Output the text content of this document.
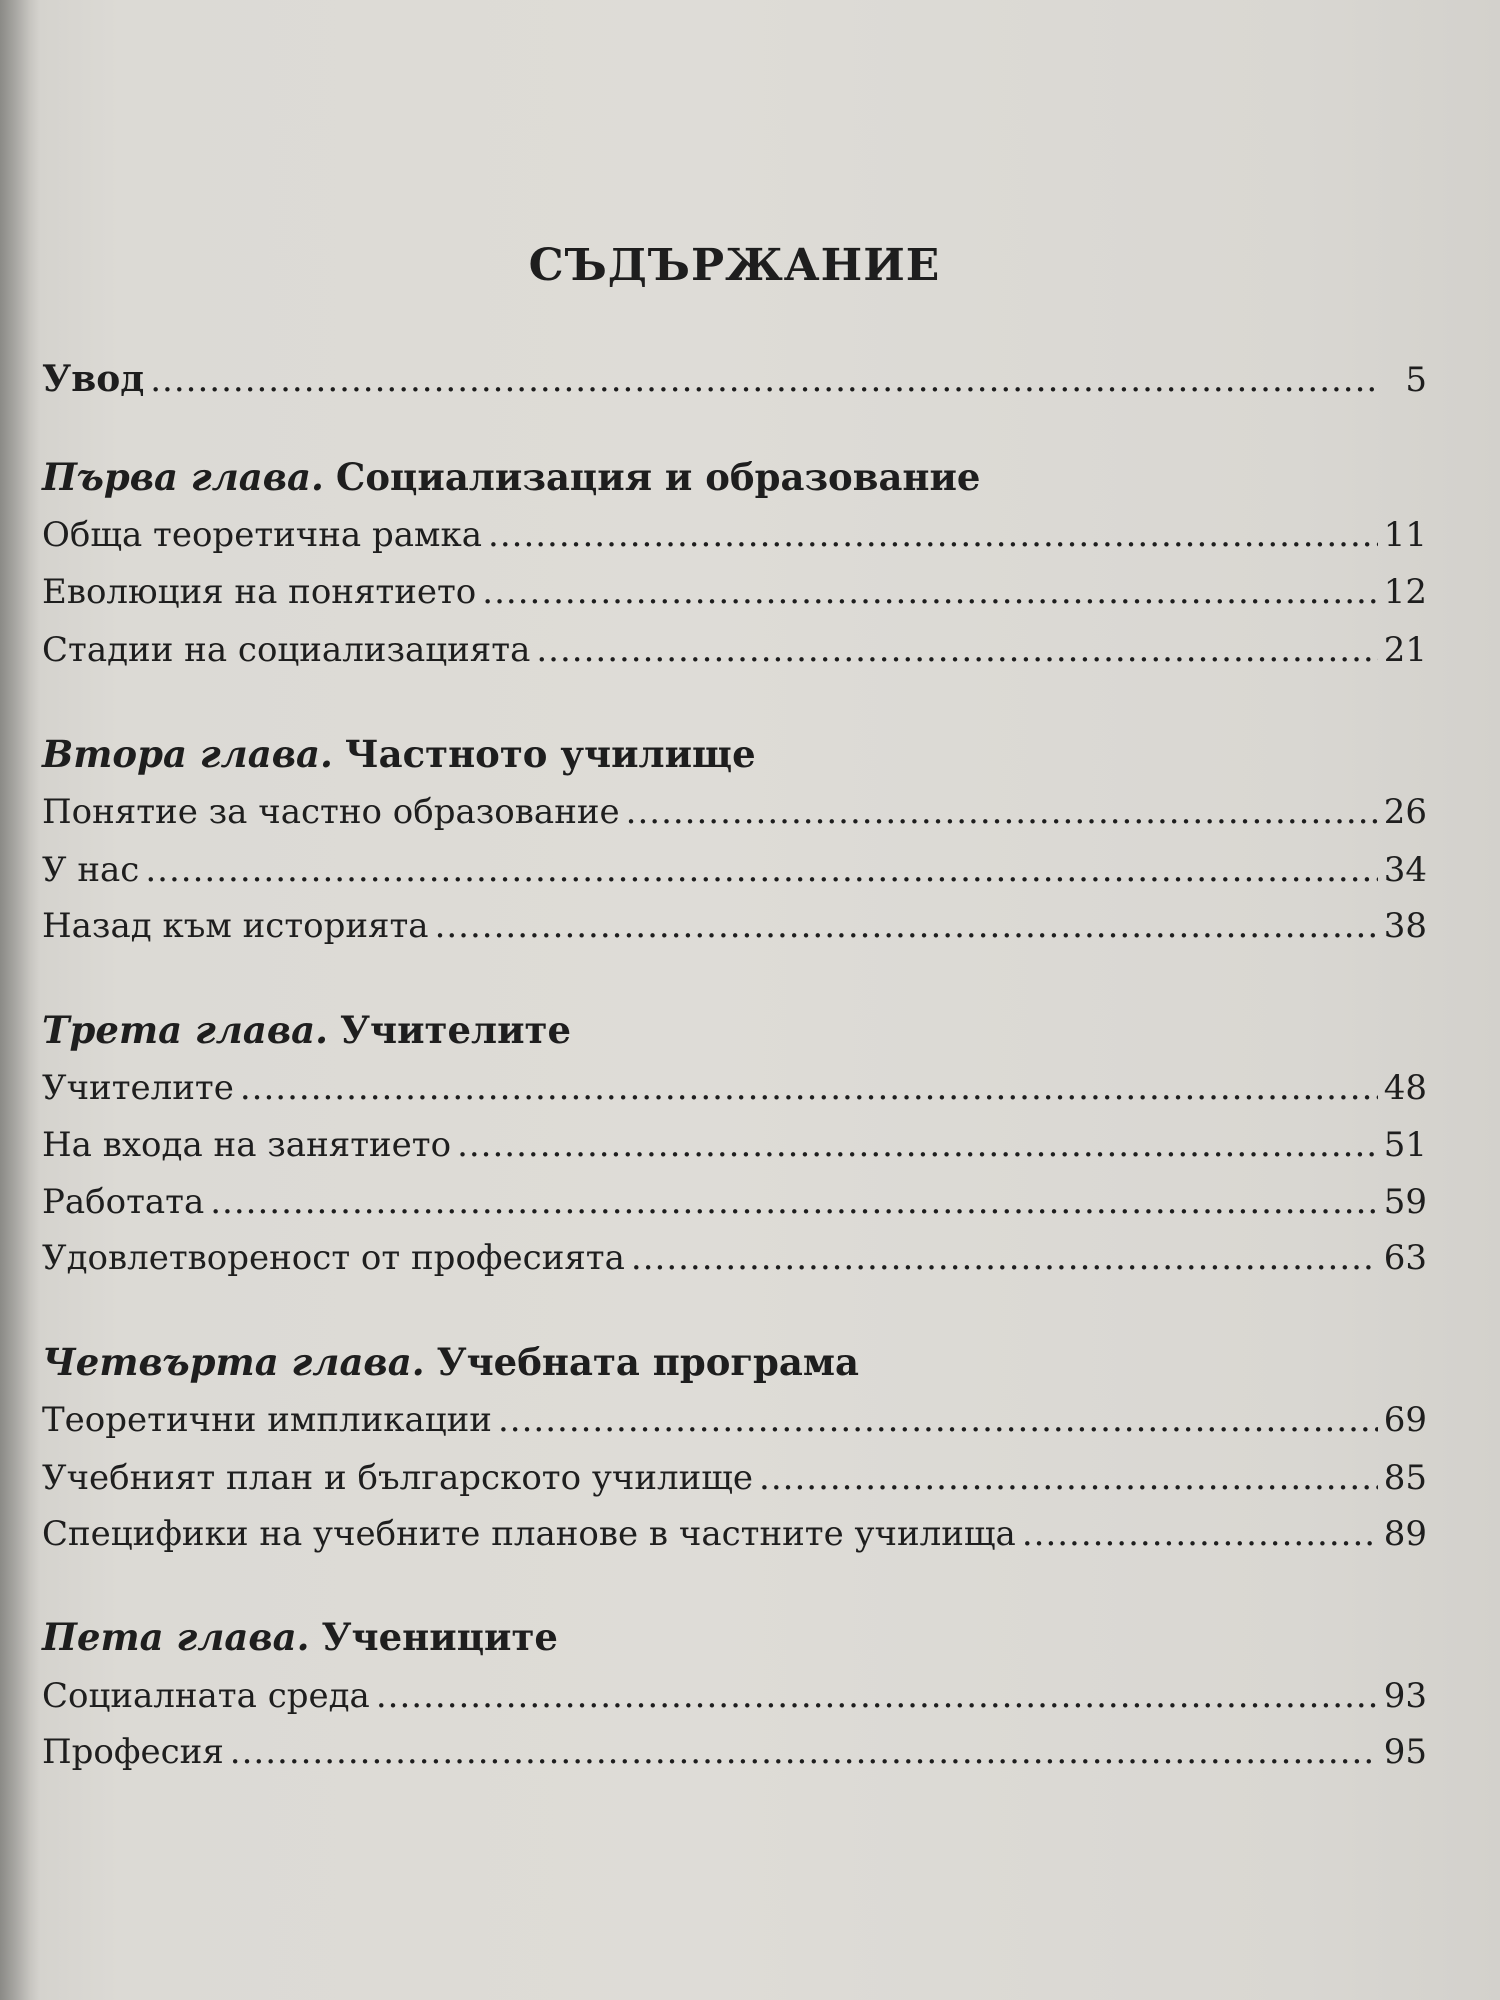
СЪДЪРЖАНИЕ
Увод .....	5
Първа глава. Социализация и образование
Обща теоретична рамка .....	11
Еволюция на понятието .....	12
Стадии на социализацията .....	21
Втора глава. Частното училище
Понятие за частно образование .....	26
У нас .....	34
Назад към историята .....	38
Трета глава. Учителите
Учителите .....	48
На входа на занятието .....	51
Работата .....	59
Удовлетвореност от професията .....	63
Четвърта глава. Учебната програма
Теоретични импликации .....	69
Учебният план и българското училище .....	85
Специфики на учебните планове в частните училища .....	89
Пета глава. Учениците
Социалната среда .....	93
Професия .....	95
